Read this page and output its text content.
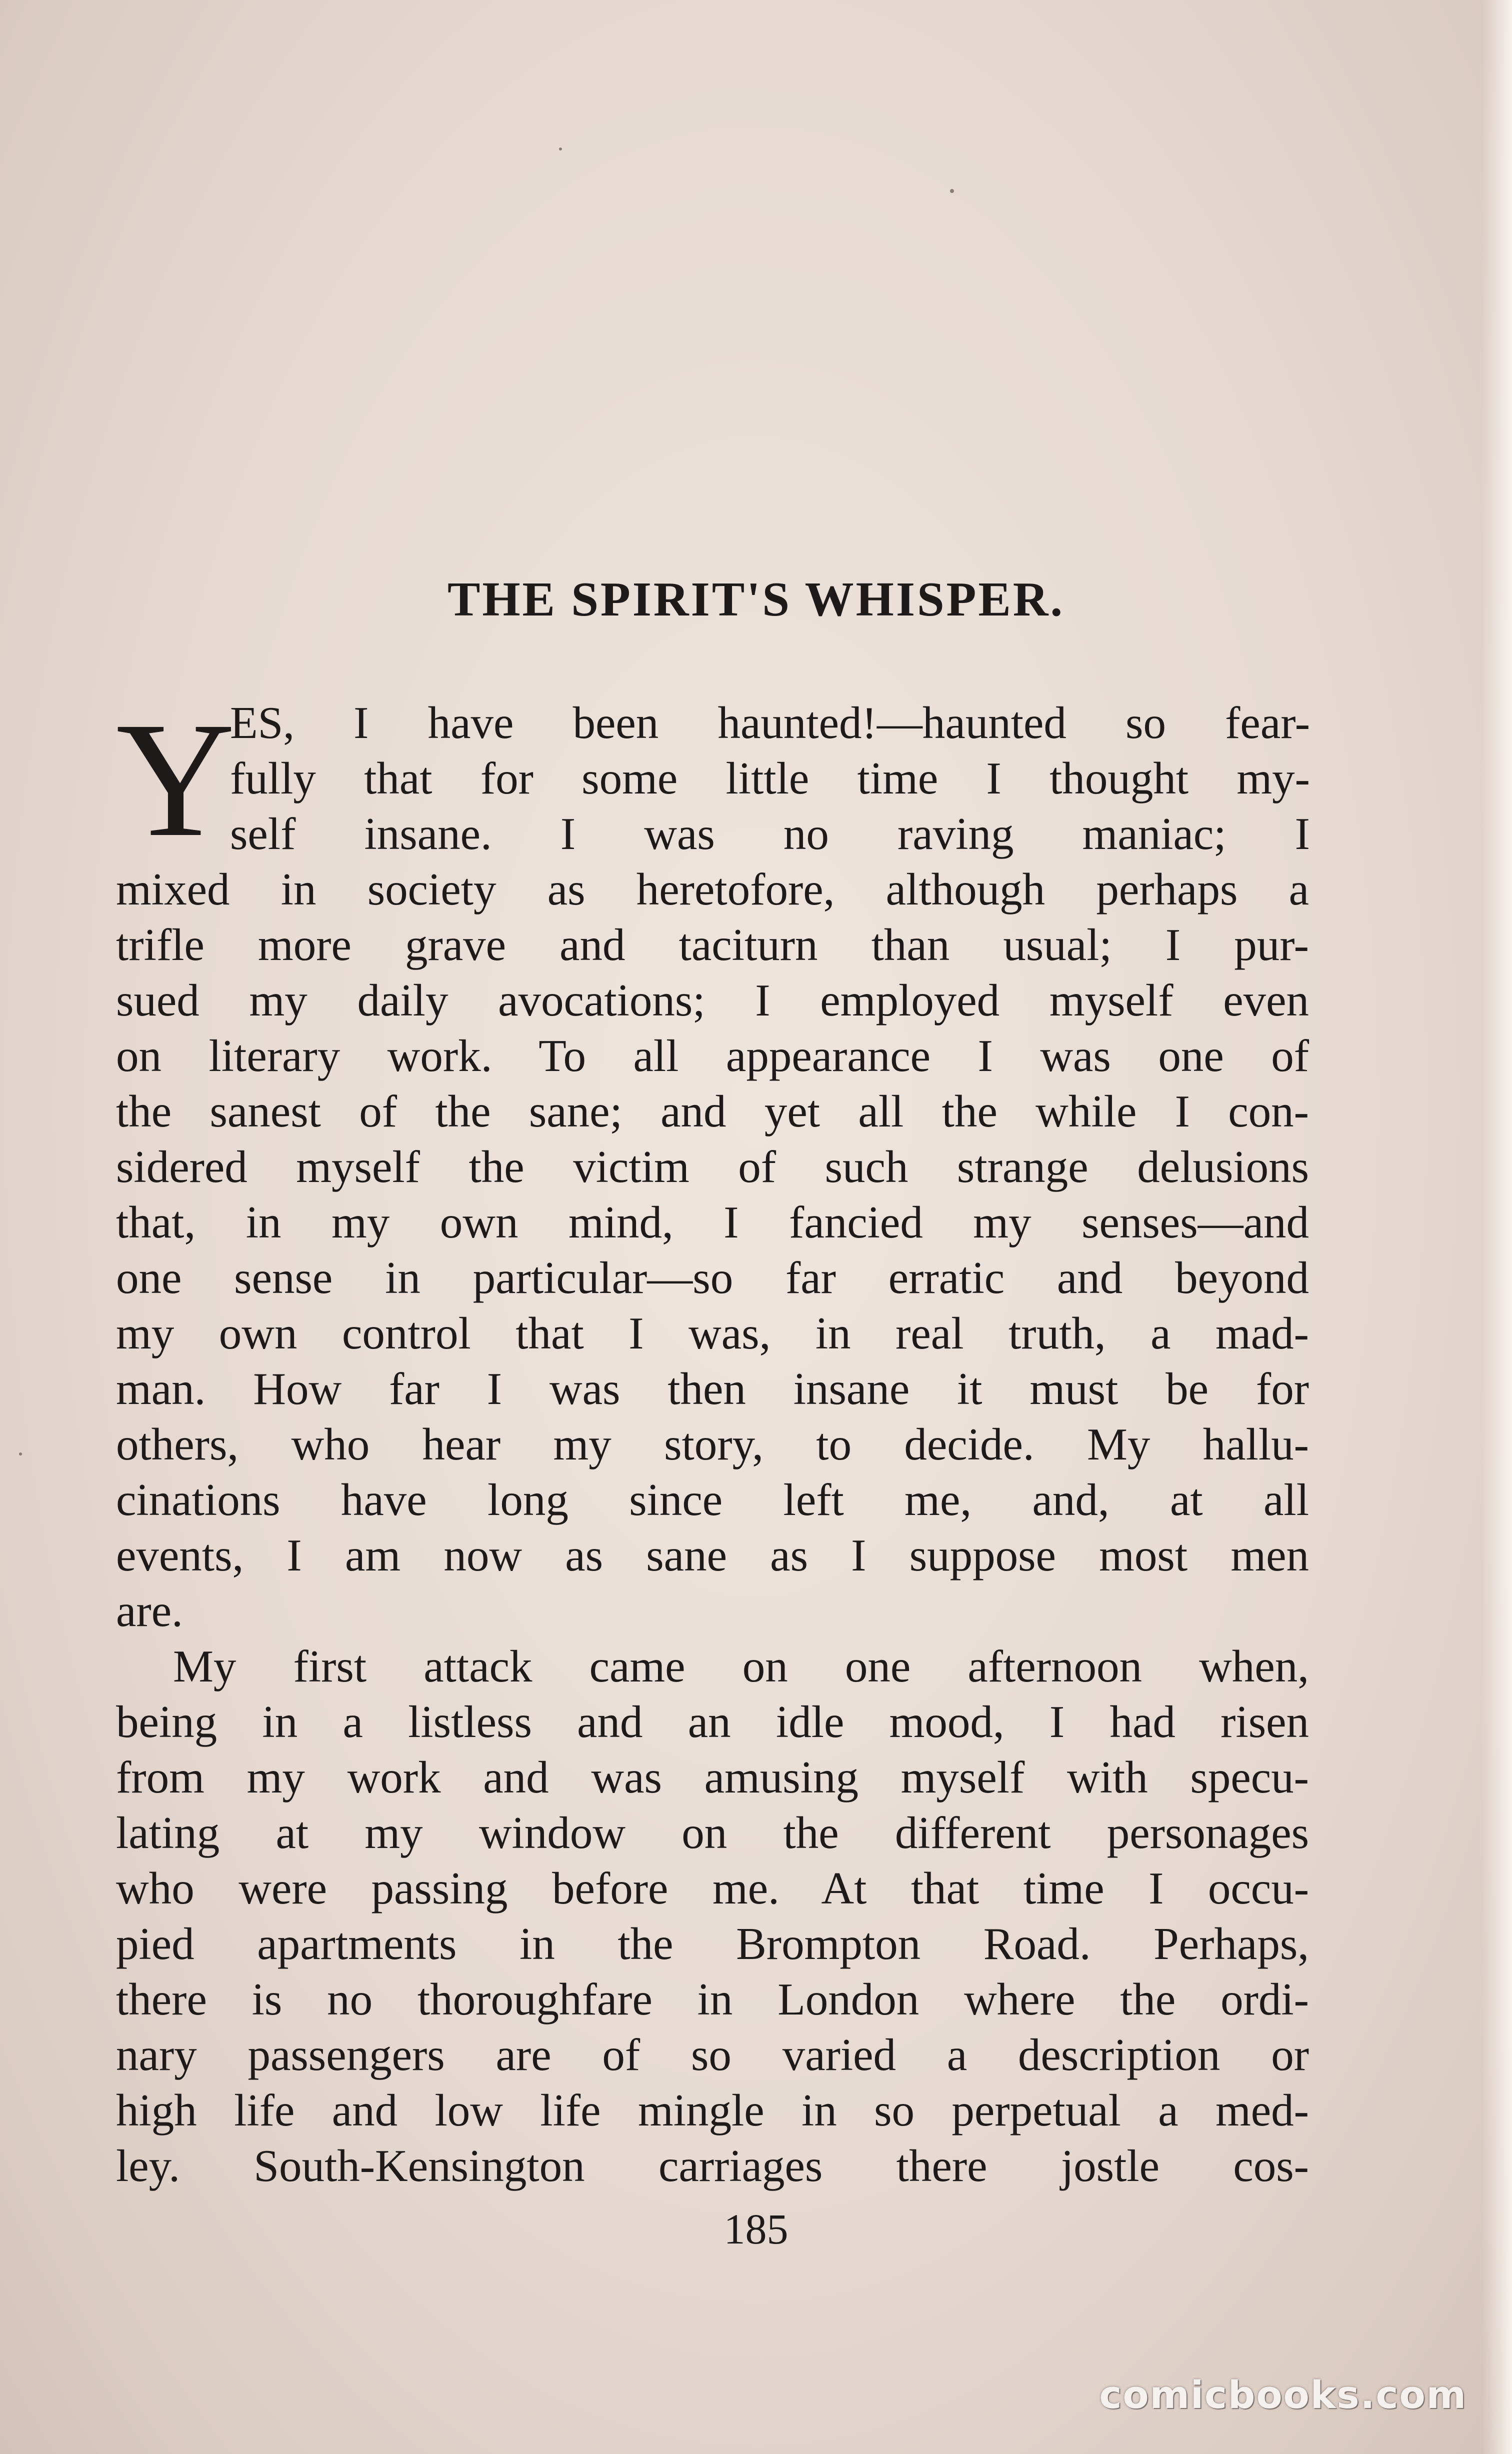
THE SPIRIT'S WHISPER.
Y
ES, I have been haunted!—haunted so fear-
fully that for some little time I thought my-
self insane. I was no raving maniac; I
mixed in society as heretofore, although perhaps a
trifle more grave and taciturn than usual; I pur-
sued my daily avocations; I employed myself even
on literary work. To all appearance I was one of
the sanest of the sane; and yet all the while I con-
sidered myself the victim of such strange delusions
that, in my own mind, I fancied my senses—and
one sense in particular—so far erratic and beyond
my own control that I was, in real truth, a mad-
man. How far I was then insane it must be for
others, who hear my story, to decide. My hallu-
cinations have long since left me, and, at all
events, I am now as sane as I suppose most men
are.
My first attack came on one afternoon when,
being in a listless and an idle mood, I had risen
from my work and was amusing myself with specu-
lating at my window on the different personages
who were passing before me. At that time I occu-
pied apartments in the Brompton Road. Perhaps,
there is no thoroughfare in London where the ordi-
nary passengers are of so varied a description or
high life and low life mingle in so perpetual a med-
ley. South-Kensington carriages there jostle cos-
185
comicbooks.com
